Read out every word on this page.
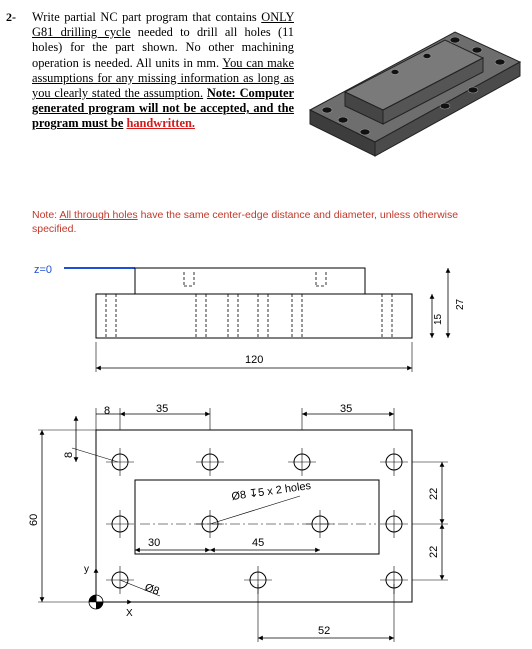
2- Write partial NC part program that contains ONLY G81 drilling cycle needed to drill all holes (11 holes) for the part shown. No other machining operation is needed. All units in mm. You can make assumptions for any missing information as long as you clearly stated the assumption. Note: Computer generated program will not be accepted, and the program must be handwritten.
Note: All through holes have the same center-edge distance and diameter, unless otherwise specified.
z=0
120
15
27
8	35	35
8
60
22
22
Ø8 ↧5 x 2 holes
30	45
Ø8
52
y
X
